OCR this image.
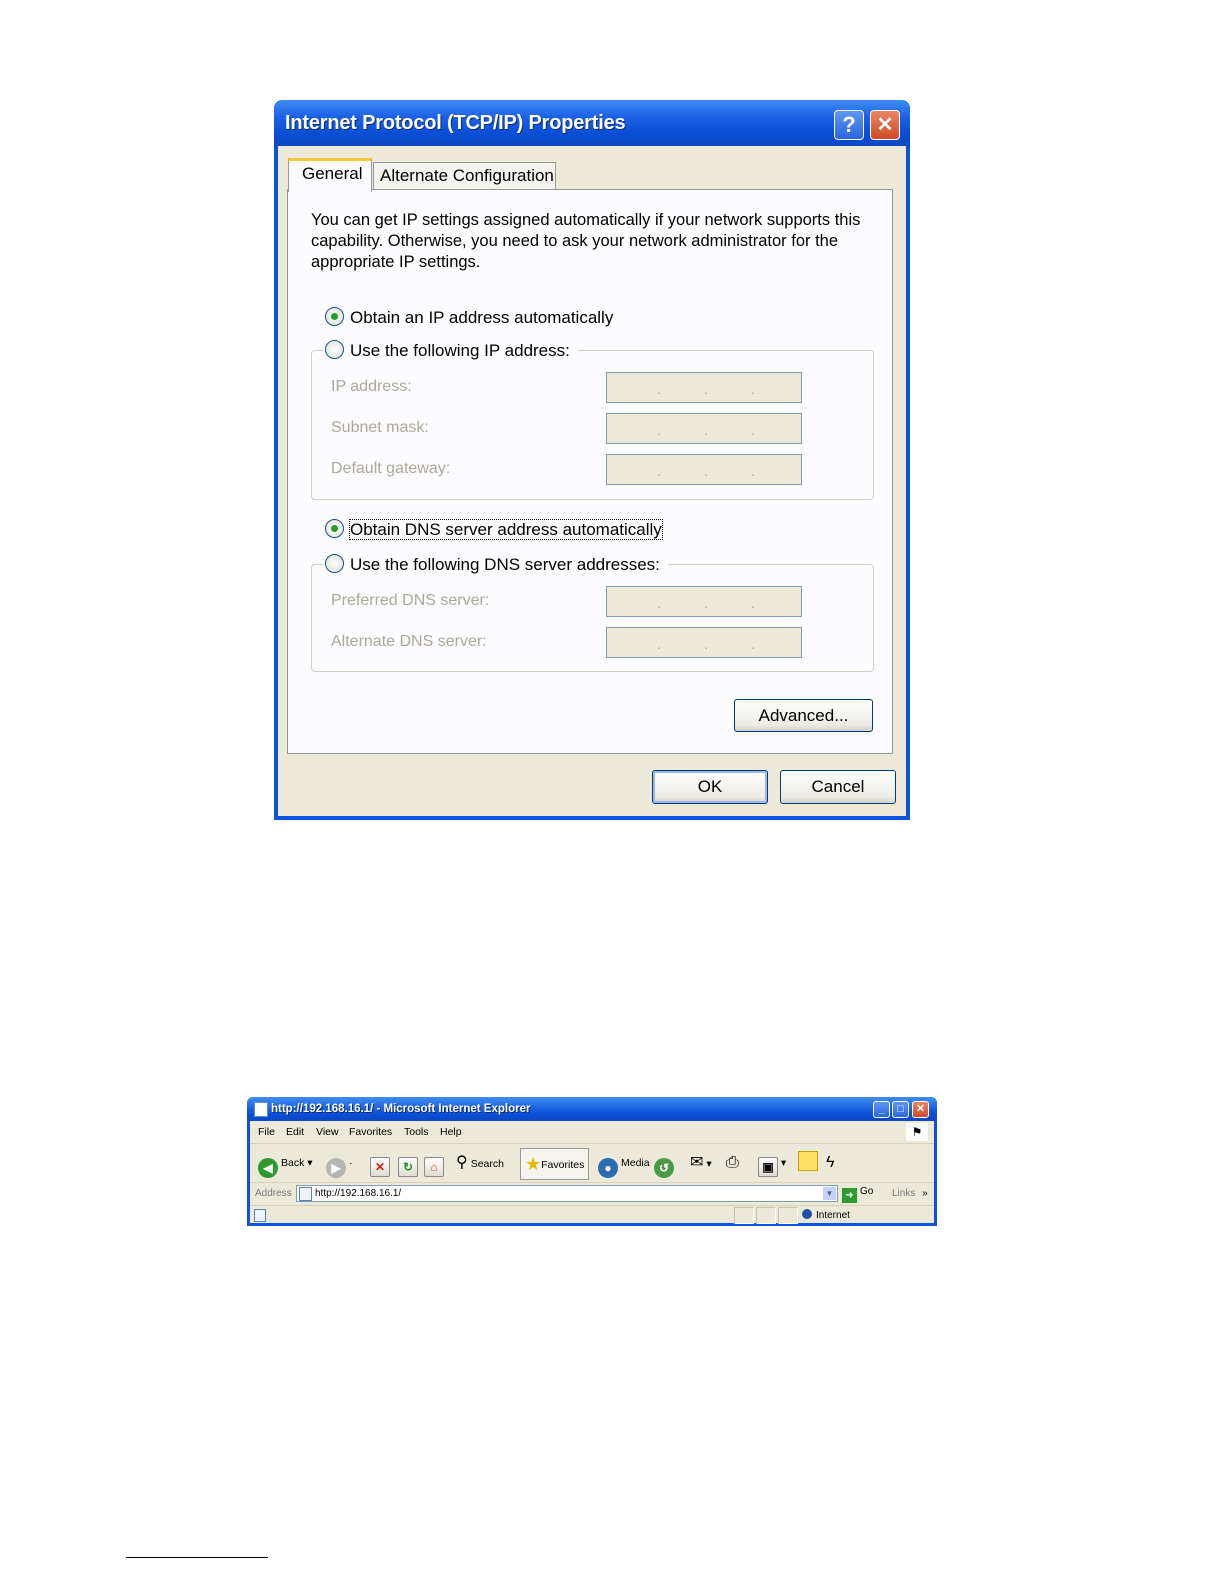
Internet Protocol (TCP/IP) Properties	?	✕
General	Alternate Configuration
You can get IP settings assigned automatically if your network supports this capability. Otherwise, you need to ask your network administrator for the appropriate IP settings.
Obtain an IP address automatically
Use the following IP address:
IP address:	.	.	.
Subnet mask:	.	.	.
Default gateway:	.	.	.
Obtain DNS server address automatically
Use the following DNS server addresses:
Preferred DNS server:	.	.	.
Alternate DNS server:	.	.	.
Advanced...
OK	Cancel
http://192.168.16.1/ - Microsoft Internet Explorer	_	□	✕
File Edit View Favorites Tools Help	⚑
◀ Back ▾	▶ ·	✕	↻	⌂	⚲ Search ★Favorites	● Media ↺	✉ ▾ ⎙	▣ ▾ ϟ
Address http://192.168.16.1/	▼	➜ Go Links »
Internet
